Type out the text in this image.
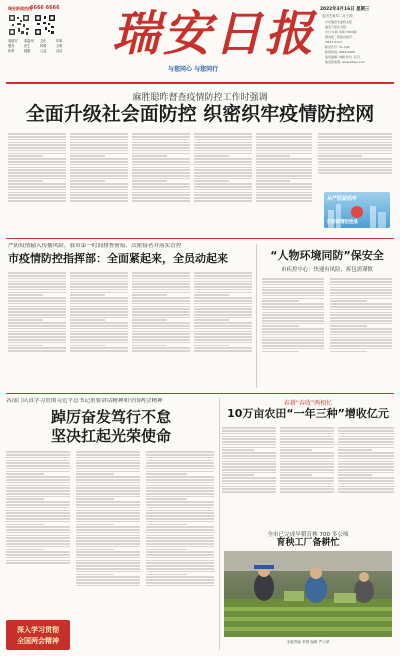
瑞安新闻热线
6666 6666
看瑞安	看温州	文化	时事
服务	民生	科教	文明
体育	健康	公益	活动 瑞安日报
与您同心 与您同行
2022年3月16日 星期三
农历壬寅年二月十四
中共瑞安市委机关报
瑞安日报社出版
今日 8 版 本期 7000期
国内统一连续出版号
CN33-0123
邮发代号: 31-109
新闻热线: 6666 6666
值班编辑: 林晓 校对: 张丹
瑞安新闻网: www.66wz.com
麻胜聪昨督查疫情防控工作时强调
全面升级社会面防控 织密织牢疫情防控网
从严抓紧抓牢
打好疫情防控战
严防疫情输入传播风险，我市第一时间排查密接、次密接者并落实管控
市疫情防控指挥部：全面紧起来，全员动起来	“人物环境同防”保安全
市疾控中心：快递有风险，拆包需谨慎
各部门认真学习贯彻习近平总书记重要讲话精神和全国两会精神
踔厉奋发笃行不怠
坚决扛起光荣使命
深入学习贯彻
全国两会精神
春耕“春收”两相忙
10万亩农田“一年三种”增收亿元
全市已完成早稻育秧 700 多公顷
育秧工厂备耕忙
本版责编 李群 编辑 严小蒙
